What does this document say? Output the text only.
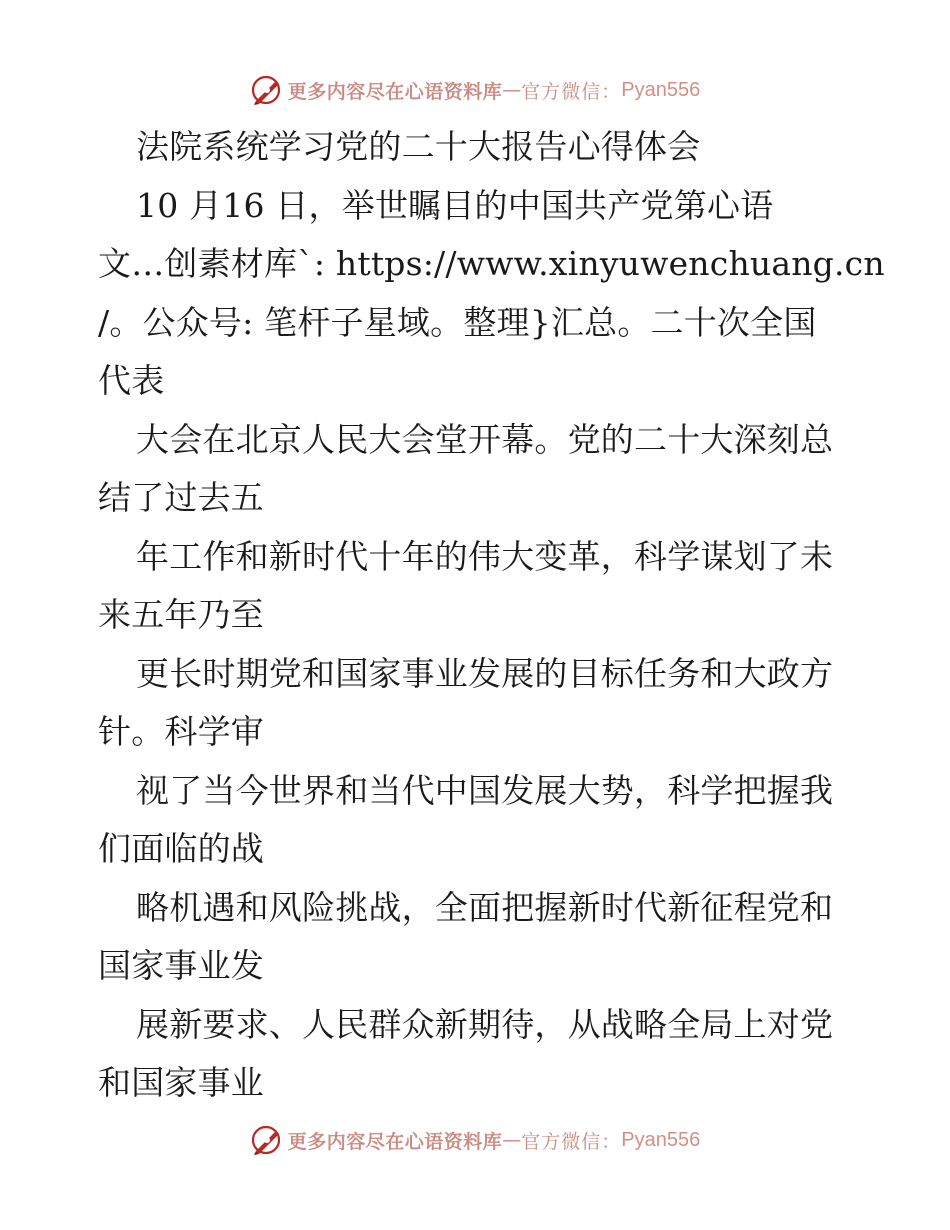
更多内容尽在心语资料库 — 官方微信： Pyan556
法院系统学习党的二十大报告心得体会
10 月16 日，举世瞩目的中国共产党第心语
文…创素材库`: https://www.xinyuwenchuang.cn
/。公众号: 笔杆子星域。整理}汇总。二十次全国
代表
大会在北京人民大会堂开幕。党的二十大深刻总
结了过去五
年工作和新时代十年的伟大变革，科学谋划了未
来五年乃至
更长时期党和国家事业发展的目标任务和大政方
针。科学审
视了当今世界和当代中国发展大势，科学把握我
们面临的战
略机遇和风险挑战，全面把握新时代新征程党和
国家事业发
展新要求、人民群众新期待，从战略全局上对党
和国家事业
更多内容尽在心语资料库 — 官方微信： Pyan556
